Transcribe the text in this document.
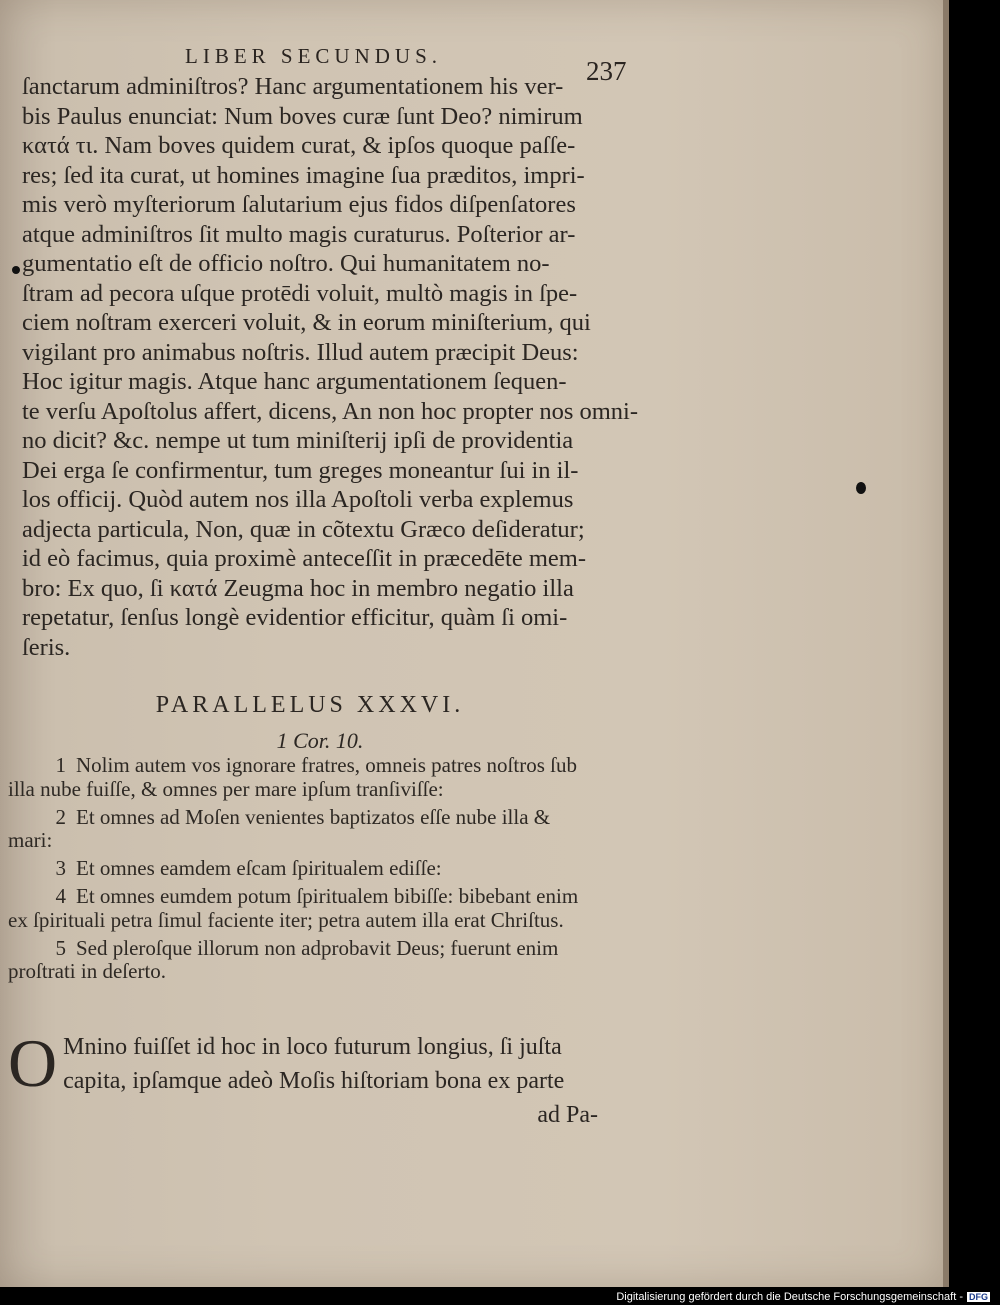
LIBER SECUNDUS.	237
ſanctarum adminiſtros? Hanc argumentationem his ver-
bis Paulus enunciat: Num boves curæ ſunt Deo? nimirum
κατά τι. Nam boves quidem curat, & ipſos quoque paſſe-
res; ſed ita curat, ut homines imagine ſua præditos, impri-
mis verò myſteriorum ſalutarium ejus fidos diſpenſatores
atque adminiſtros ſit multo magis curaturus. Poſterior ar-
gumentatio eſt de officio noſtro. Qui humanitatem no-
ſtram ad pecora uſque protēdi voluit, multò magis in ſpe-
ciem noſtram exerceri voluit, & in eorum miniſterium, qui
vigilant pro animabus noſtris. Illud autem præcipit Deus:
Hoc igitur magis. Atque hanc argumentationem ſequen-
te verſu Apoſtolus affert, dicens, An non hoc propter nos omni-
no dicit? &c. nempe ut tum miniſterij ipſi de providentia
Dei erga ſe confirmentur, tum greges moneantur ſui in il-
los officij. Quòd autem nos illa Apoſtoli verba explemus
adjecta particula, Non, quæ in cõtextu Græco deſideratur;
id eò facimus, quia proximè anteceſſit in præcedēte mem-
bro: Ex quo, ſi κατά Zeugma hoc in membro negatio illa
repetatur, ſenſus longè evidentior efficitur, quàm ſi omi-
ſeris.
PARALLELUS XXXVI.
1 Cor. 10.

1 Nolim autem vos ignorare fratres, omneis patres noſtros ſub illa nube fuiſſe, & omnes per mare ipſum tranſiviſſe:

2 Et omnes ad Moſen venientes baptizatos eſſe nube illa & mari:

3 Et omnes eamdem eſcam ſpiritualem ediſſe:

4 Et omnes eumdem potum ſpiritualem bibiſſe: bibebant enim ex ſpirituali petra ſimul faciente iter; petra autem illa erat Chriſtus.

5 Sed pleroſque illorum non adprobavit Deus; fuerunt enim proſtrati in deſerto.

O Mnino fuiſſet id hoc in loco futurum longius, ſi juſta capita, ipſamque adeò Moſis hiſtoriam bona ex parte
ad Pa-
Digitalisierung gefördert durch die Deutsche Forschungsgemeinschaft - DFG
